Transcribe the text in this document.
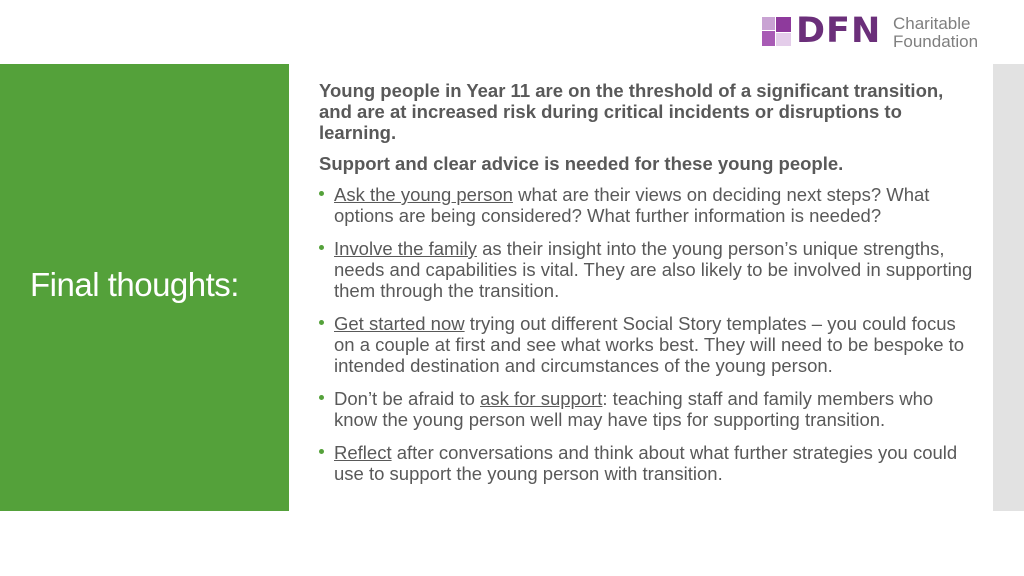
DFN Charitable
Foundation
Final thoughts:

Young people in Year 11 are on the threshold of a significant transition, and are at increased risk during critical incidents or disruptions to learning.

Support and clear advice is needed for these young people.

Ask the young person what are their views on deciding next steps? What options are being considered? What further information is needed?
Involve the family as their insight into the young person’s unique strengths, needs and capabilities is vital. They are also likely to be involved in supporting them through the transition.
Get started now trying out different Social Story templates – you could focus on a couple at first and see what works best. They will need to be bespoke to intended destination and circumstances of the young person.
Don’t be afraid to ask for support: teaching staff and family members who know the young person well may have tips for supporting transition.
Reflect after conversations and think about what further strategies you could use to support the young person with transition.
